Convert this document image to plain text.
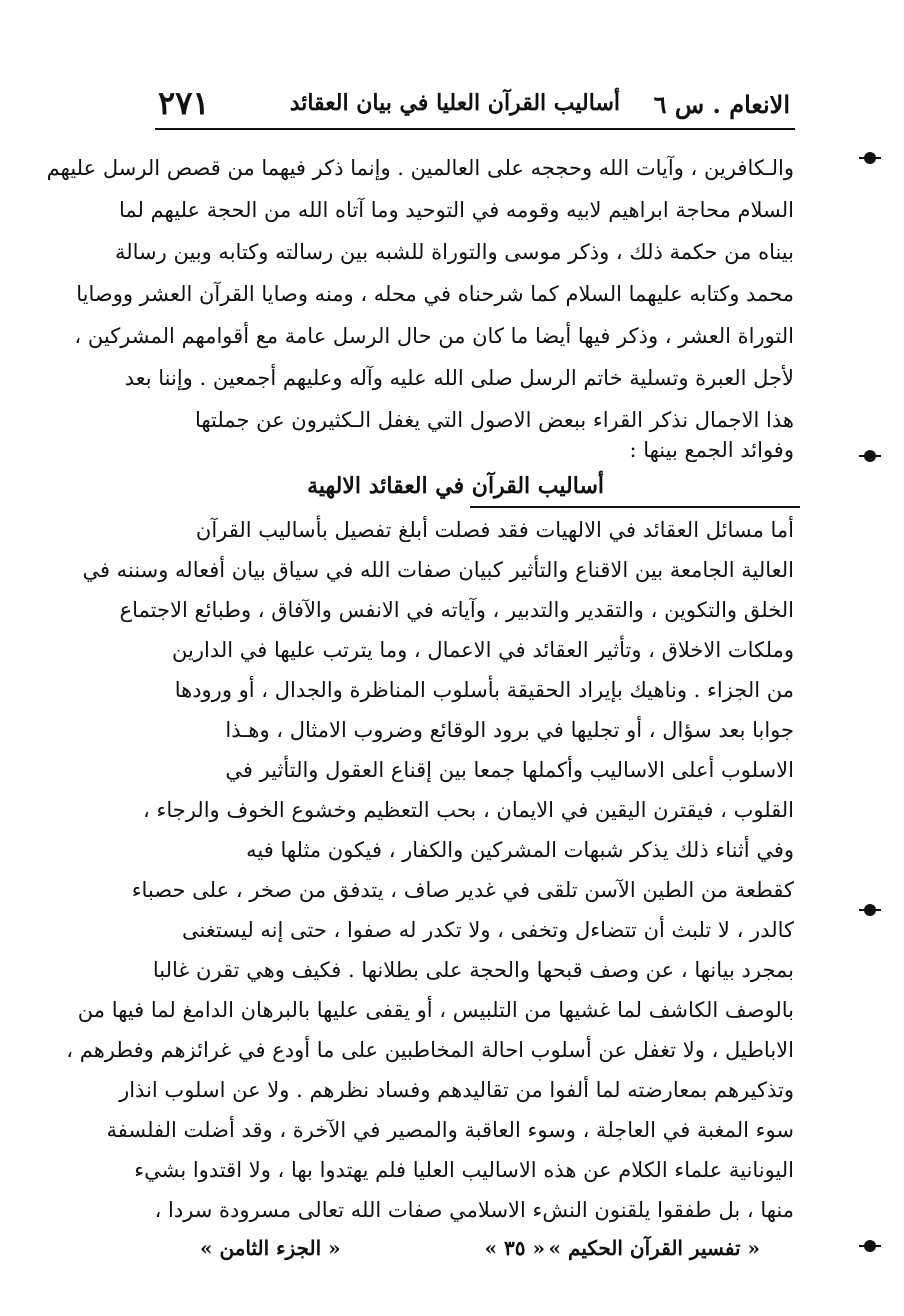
الانعام . س ٦
أساليب القرآن العليا في بيان العقائد
٢٧١
والـكافرين ، وآيات الله وحججه على العالمين . وإنما ذكر فيهما من قصص الرسل عليهم
السلام محاجة ابراهيم لابيه وقومه في التوحيد وما آتاه الله من الحجة عليهم لما
بيناه من حكمة ذلك ، وذكر موسى والتوراة للشبه بين رسالته وكتابه وبين رسالة
محمد وكتابه عليهما السلام كما شرحناه في محله ، ومنه وصايا القرآن العشر ووصايا
التوراة العشر ، وذكر فيها أيضا ما كان من حال الرسل عامة مع أقوامهم المشركين ،
لأجل العبرة وتسلية خاتم الرسل صلى الله عليه وآله وعليهم أجمعين . وإننا بعد
هذا الاجمال نذكر القراء ببعض الاصول التي يغفل الـكثيرون عن جملتها
وفوائد الجمع بينها :
أساليب القرآن في العقائد الالهية
أما مسائل العقائد في الالهيات فقد فصلت أبلغ تفصيل بأساليب القرآن
العالية الجامعة بين الاقناع والتأثير كبيان صفات الله في سياق بيان أفعاله وسننه في
الخلق والتكوين ، والتقدير والتدبير ، وآياته في الانفس والآفاق ، وطبائع الاجتماع
وملكات الاخلاق ، وتأثير العقائد في الاعمال ، وما يترتب عليها في الدارين
من الجزاء . وناهيك بإيراد الحقيقة بأسلوب المناظرة والجدال ، أو ورودها
جوابا بعد سؤال ، أو تجليها في برود الوقائع وضروب الامثال ، وهـذا
الاسلوب أعلى الاساليب وأكملها جمعا بين إقناع العقول والتأثير في
القلوب ، فيقترن اليقين في الايمان ، بحب التعظيم وخشوع الخوف والرجاء ،
وفي أثناء ذلك يذكر شبهات المشركين والكفار ، فيكون مثلها فيه
كقطعة من الطين الآسن تلقى في غدير صاف ، يتدفق من صخر ، على حصباء
كالدر ، لا تلبث أن تتضاءل وتخفى ، ولا تكدر له صفوا ، حتى إنه ليستغنى
بمجرد بيانها ، عن وصف قبحها والحجة على بطلانها . فكيف وهي تقرن غالبا
بالوصف الكاشف لما غشيها من التلبيس ، أو يقفى عليها بالبرهان الدامغ لما فيها من
الاباطيل ، ولا تغفل عن أسلوب احالة المخاطبين على ما أودع في غرائزهم وفطرهم ،
وتذكيرهم بمعارضته لما ألفوا من تقاليدهم وفساد نظرهم . ولا عن اسلوب انذار
سوء المغبة في العاجلة ، وسوء العاقبة والمصير في الآخرة ، وقد أضلت الفلسفة
اليونانية علماء الكلام عن هذه الاساليب العليا فلم يهتدوا بها ، ولا اقتدوا بشيء
منها ، بل طفقوا يلقنون النشء الاسلامي صفات الله تعالى مسرودة سردا ،
« تفسير القرآن الحكيم »
« ٣٥ »
« الجزء الثامن »
